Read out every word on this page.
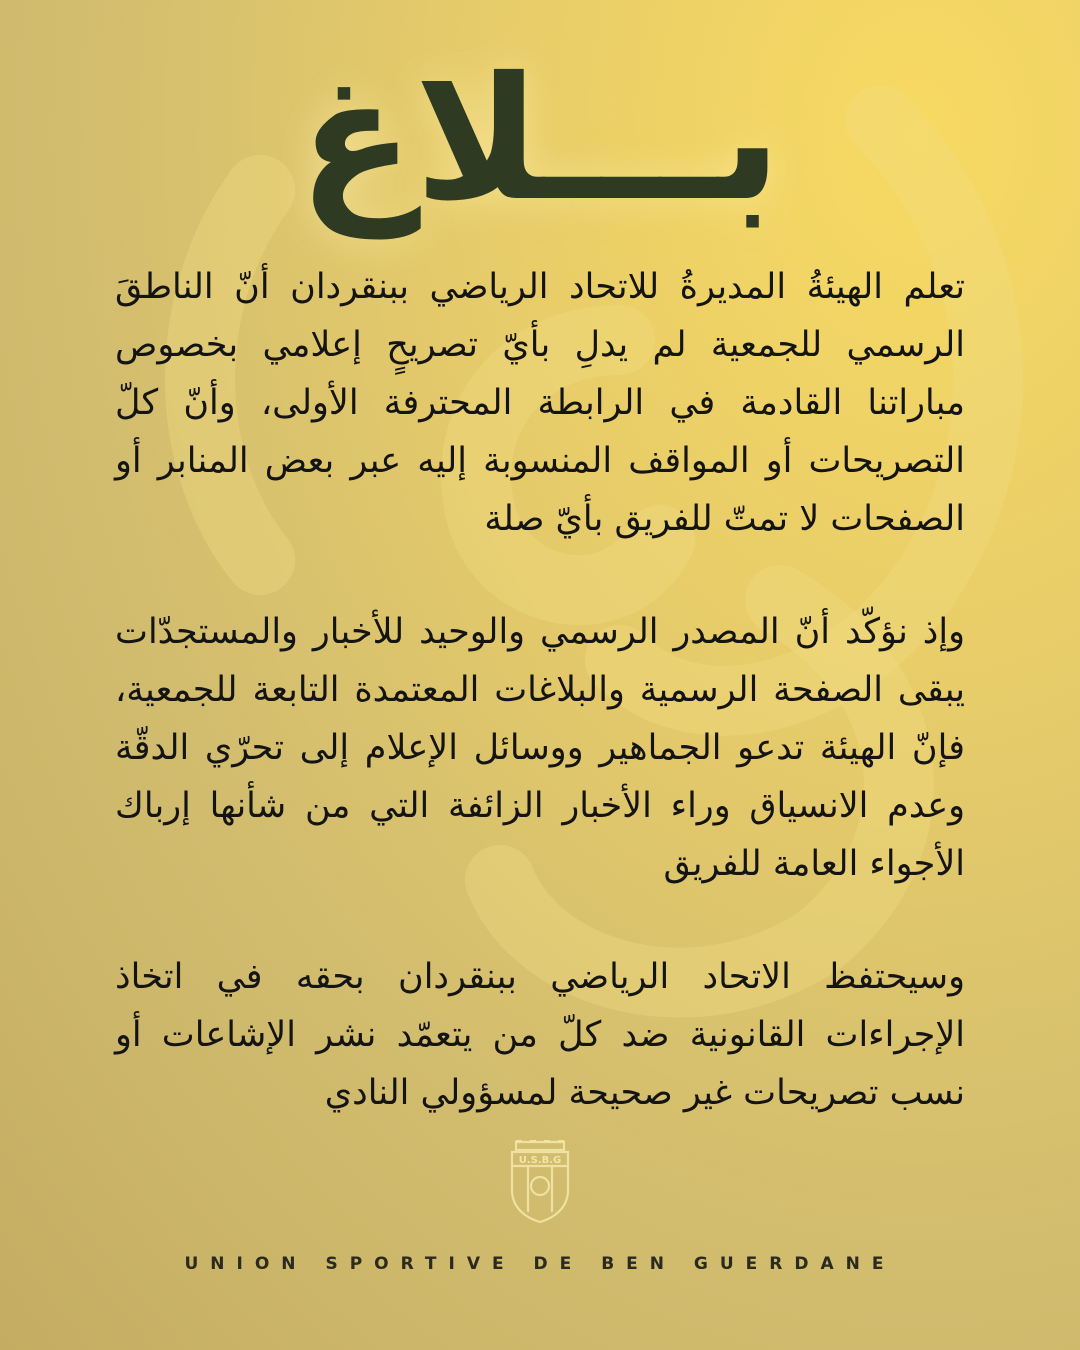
بـــلاغ

تعلم الهيئةُ المديرةُ للاتحاد الرياضي ببنقردان أنّ الناطقَ الرسمي للجمعية لم يدلِ بأيّ تصريحٍ إعلامي بخصوص مباراتنا القادمة في الرابطة المحترفة الأولى، وأنّ كلّ التصريحات أو المواقف المنسوبة إليه عبر بعض المنابر أو الصفحات لا تمتّ للفريق بأيّ صلة

وإذ نؤكّد أنّ المصدر الرسمي والوحيد للأخبار والمستجدّات يبقى الصفحة الرسمية والبلاغات المعتمدة التابعة للجمعية، فإنّ الهيئة تدعو الجماهير ووسائل الإعلام إلى تحرّي الدقّة وعدم الانسياق وراء الأخبار الزائفة التي من شأنها إرباك الأجواء العامة للفريق

وسيحتفظ الاتحاد الرياضي ببنقردان بحقه في اتخاذ الإجراءات القانونية ضد كلّ من يتعمّد نشر الإشاعات أو نسب تصريحات غير صحيحة لمسؤولي النادي

U.S.B.G
UNION SPORTIVE DE BEN GUERDANE
